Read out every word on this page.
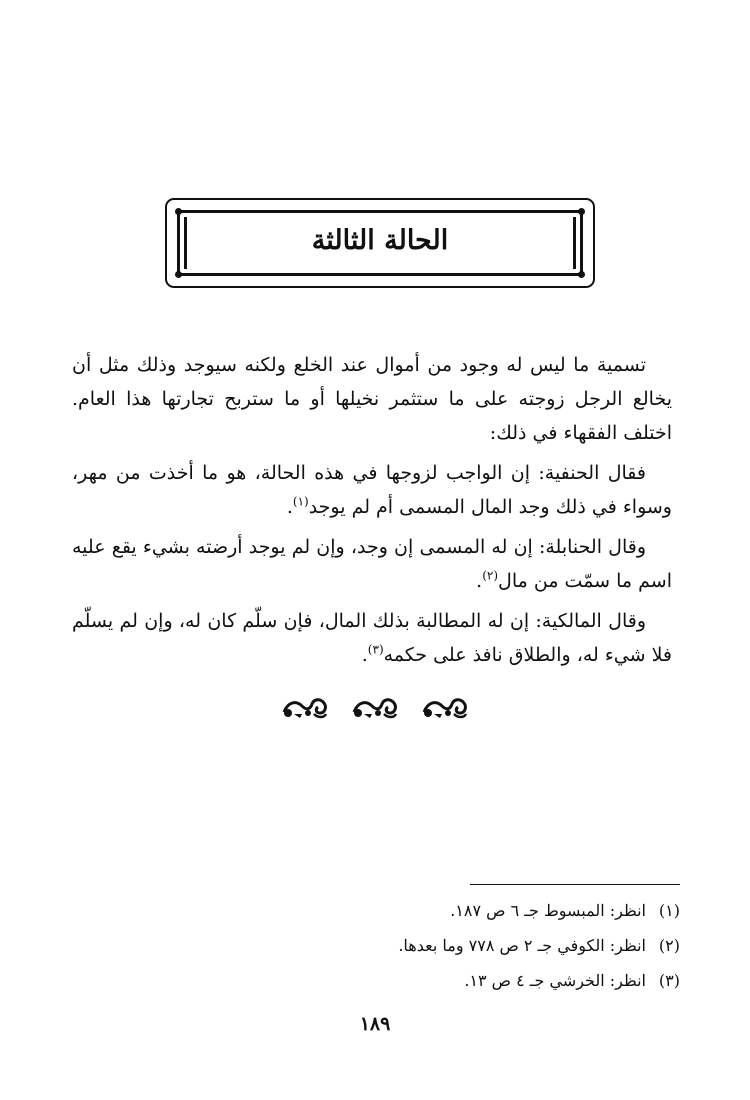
الحالة الثالثة

تسمية ما ليس له وجود من أموال عند الخلع ولكنه سيوجد وذلك مثل أن يخالع الرجل زوجته على ما ستثمر نخيلها أو ما ستربح تجارتها هذا العام. اختلف الفقهاء في ذلك:

فقال الحنفية: إن الواجب لزوجها في هذه الحالة، هو ما أخذت من مهر، وسواء في ذلك وجد المال المسمى أم لم يوجد$^{(١)}$.

وقال الحنابلة: إن له المسمى إن وجد، وإن لم يوجد أرضته بشيء يقع عليه اسم ما سمّت من مال$^{(٢)}$.

وقال المالكية: إن له المطالبة بذلك المال، فإن سلّم كان له، وإن لم يسلّم فلا شيء له، والطلاق نافذ على حكمه$^{(٣)}$.

(١)انظر: المبسوط جـ ٦ ص ١٨٧.
(٢)انظر: الكوفي جـ ٢ ص ٧٧٨ وما بعدها.
(٣)انظر: الخرشي جـ ٤ ص ١٣.
١٨٩
